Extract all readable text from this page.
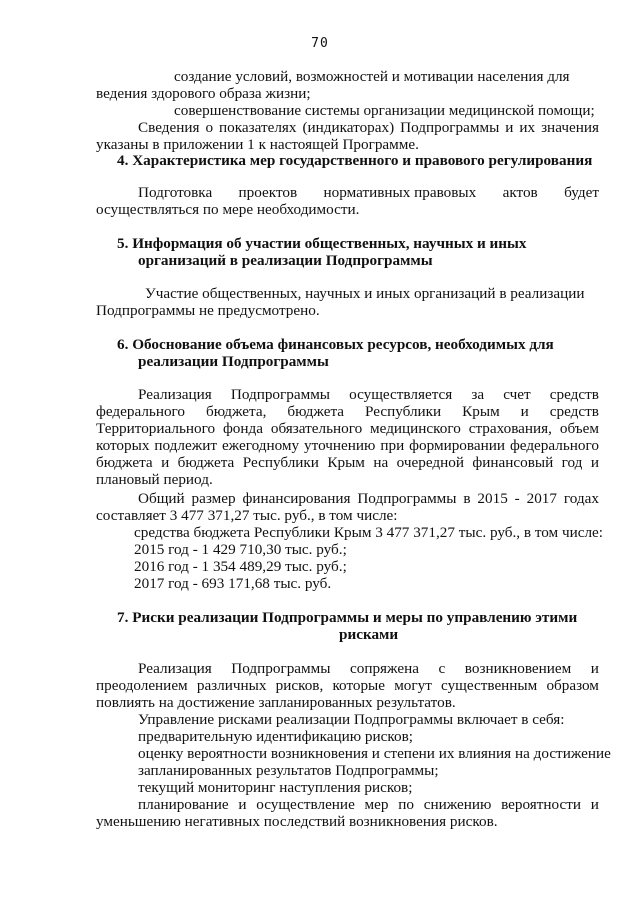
70
создание условий, возможностей и мотивации населения для
ведения здорового образа жизни;
совершенствование системы организации медицинской помощи;
Сведения о показателях (индикаторах) Подпрограммы и их значения
указаны в приложении 1 к настоящей Программе.
4. Характеристика мер государственного и правового регулирования
Подготовка проектов нормативных правовых актов будет
осуществляться по мере необходимости.
5. Информация об участии общественных, научных и иных
организаций в реализации Подпрограммы
Участие общественных, научных и иных организаций в реализации
Подпрограммы не предусмотрено.
6. Обоснование объема финансовых ресурсов, необходимых для
реализации Подпрограммы
Реализация Подпрограммы осуществляется за счет средств
федерального бюджета, бюджета Республики Крым и средств
Территориального фонда обязательного медицинского страхования, объем
которых подлежит ежегодному уточнению при формировании федерального
бюджета и бюджета Республики Крым на очередной финансовый год и
плановый период.
Общий размер финансирования Подпрограммы в 2015 - 2017 годах
составляет 3 477 371,27 тыс. руб., в том числе:
средства бюджета Республики Крым 3 477 371,27 тыс. руб., в том числе:
2015 год - 1 429 710,30 тыс. руб.;
2016 год - 1 354 489,29 тыс. руб.;
2017 год - 693 171,68 тыс. руб.
7. Риски реализации Подпрограммы и меры по управлению этими
рисками
Реализация Подпрограммы сопряжена с возникновением и
преодолением различных рисков, которые могут существенным образом
повлиять на достижение запланированных результатов.
Управление рисками реализации Подпрограммы включает в себя:
предварительную идентификацию рисков;
оценку вероятности возникновения и степени их влияния на достижение
запланированных результатов Подпрограммы;
текущий мониторинг наступления рисков;
планирование и осуществление мер по снижению вероятности и
уменьшению негативных последствий возникновения рисков.
